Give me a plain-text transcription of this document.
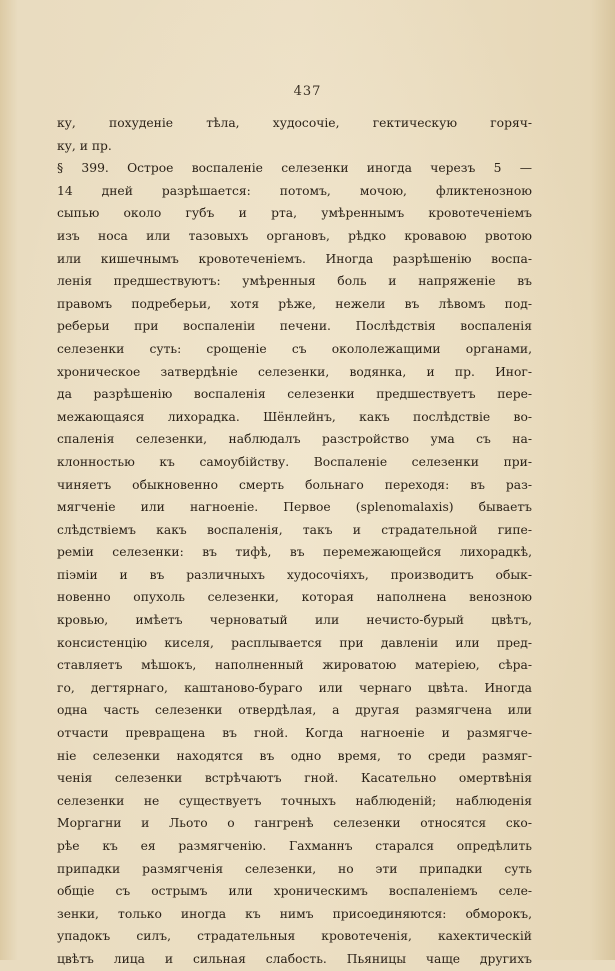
437
ку, похуденіе тѣла, худосочіе, гектическую горяч-
ку, и пр.
§ 399. Острое воспаленіе селезенки иногда черезъ 5 —
14 дней разрѣшается: потомъ, мочою, фликтенозною
сыпью около губъ и рта, умѣреннымъ кровотеченіемъ
изъ носа или тазовыхъ органовъ, рѣдко кровавою рвотою
или кишечнымъ кровотеченіемъ. Иногда разрѣшенію воспа-
ленія предшествуютъ: умѣренныя боль и напряженіе въ
правомъ подреберьи, хотя рѣже, нежели въ лѣвомъ под-
реберьи при воспаленіи печени. Послѣдствія воспаленія
селезенки суть: срощеніе съ окололежащими органами,
хроническое затвердѣніе селезенки, водянка, и пр. Иног-
да разрѣшенію воспаленія селезенки предшествуетъ пере-
межающаяся лихорадка. Шёнлейнъ, какъ послѣдствіе во-
спаленія селезенки, наблюдалъ разстройство ума съ на-
клонностью къ самоубійству. Воспаленіе селезенки при-
чиняетъ обыкновенно смерть больнаго переходя: въ раз-
мягченіе или нагноеніе. Первое (splenomalaxis) бываетъ
слѣдствіемъ какъ воспаленія, такъ и страдательной гипе-
ремiи селезенки: въ тифѣ, въ перемежающейся лихорадкѣ,
піэміи и въ различныхъ худосочіяхъ, производитъ обык-
новенно опухоль селезенки, которая наполнена венозною
кровью, имѣетъ черноватый или нечисто-бурый цвѣтъ,
консистенцію киселя, расплывается при давленіи или пред-
ставляетъ мѣшокъ, наполненный жироватою матеріею, сѣра-
го, дегтярнаго, каштаново-бураго или чернаго цвѣта. Иногда
одна часть селезенки отвердѣлая, а другая размягчена или
отчасти превращена въ гной. Когда нагноеніе и размягче-
ніе селезенки находятся въ одно время, то среди размяг-
ченія селезенки встрѣчаютъ гной. Касательно омертвѣнія
селезенки не существуетъ точныхъ наблюденій; наблюденія
Моргагни и Льото о гангренѣ селезенки относятся ско-
рѣе къ ея размягченію. Гахманнъ старался опредѣлить
припадки размягченія селезенки, но эти припадки суть
общіе съ острымъ или хроническимъ воспаленіемъ селе-
зенки, только иногда къ нимъ присоединяются: обморокъ,
упадокъ силъ, страдательныя кровотеченія, кахектическій
цвѣтъ лица и сильная слабость. Пьяницы чаще другихъ
